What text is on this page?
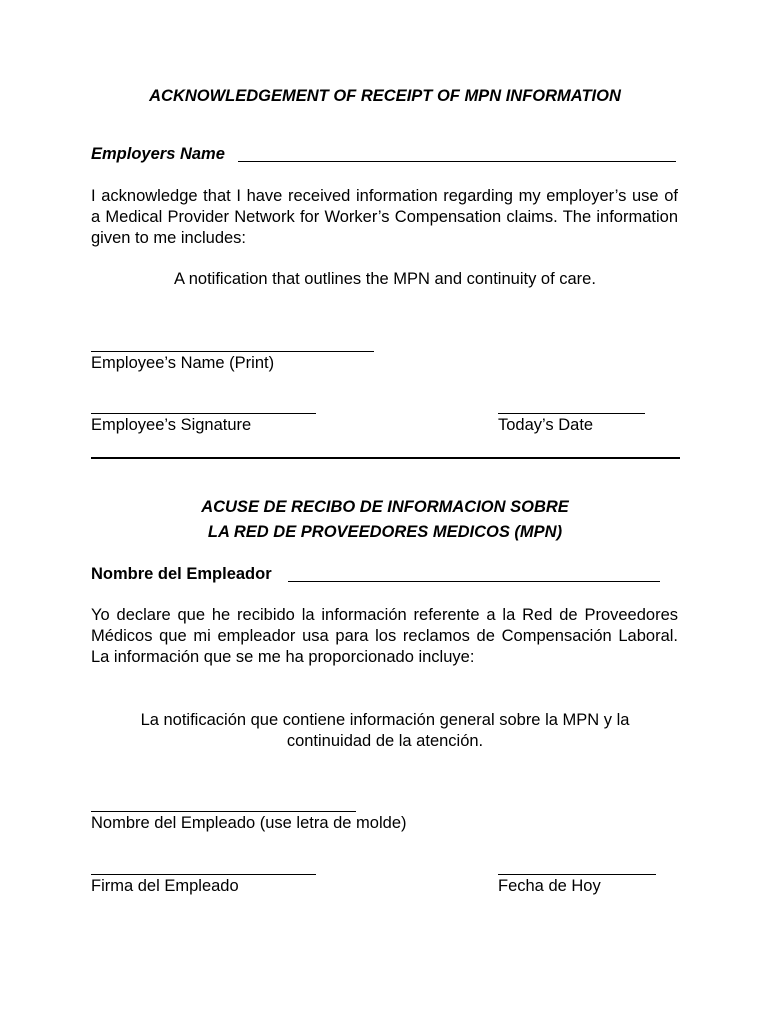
ACKNOWLEDGEMENT OF RECEIPT OF MPN INFORMATION
Employers Name
I acknowledge that I have received information regarding my employer’s use of a Medical Provider Network for Worker’s Compensation claims. The information given to me includes:
A notification that outlines the MPN and continuity of care.
Employee’s Name (Print)
Employee’s Signature	Today’s Date
ACUSE DE RECIBO DE INFORMACION SOBRE
LA RED DE PROVEEDORES MEDICOS (MPN)
Nombre del Empleador
Yo declare que he recibido la información referente a la Red de Proveedores Médicos que mi empleador usa para los reclamos de Compensación Laboral. La información que se me ha proporcionado incluye:
La notificación que contiene información general sobre la MPN y la continuidad de la atención.
Nombre del Empleado (use letra de molde)
Firma del Empleado	Fecha de Hoy
